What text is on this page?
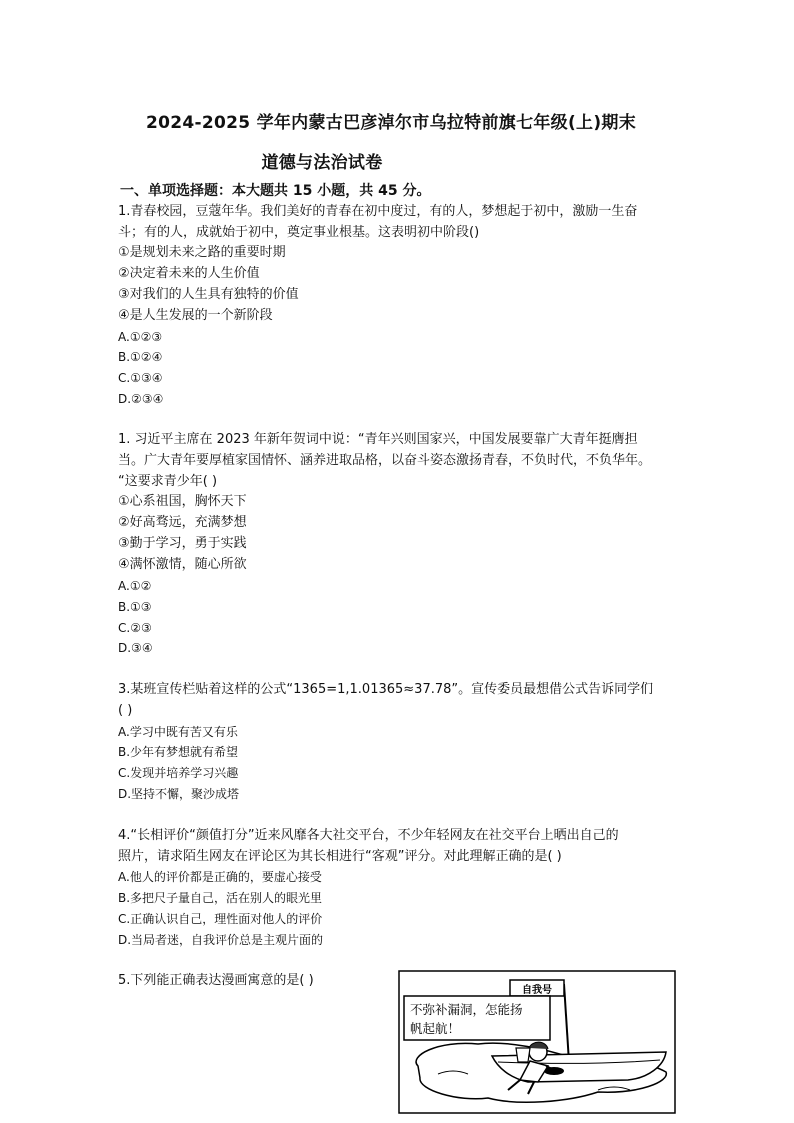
2024-2025 学年内蒙古巴彦淖尔市乌拉特前旗七年级(上)期末
道德与法治试卷
一、单项选择题：本大题共 15 小题，共 45 分。
1.青春校园，豆蔻年华。我们美好的青春在初中度过，有的人，梦想起于初中，激励一生奋
斗；有的人，成就始于初中，奠定事业根基。这表明初中阶段()
①是规划未来之路的重要时期
②决定着未来的人生价值
③对我们的人生具有独特的价值
④是人生发展的一个新阶段
A.①②③
B.①②④
C.①③④
D.②③④
1. 习近平主席在 2023 年新年贺词中说：“青年兴则国家兴，中国发展要靠广大青年挺膺担
当。广大青年要厚植家国情怀、涵养进取品格，以奋斗姿态激扬青春，不负时代，不负华年。
“这要求青少年( )
①心系祖国，胸怀天下
②好高骛远，充满梦想
③勤于学习，勇于实践
④满怀激情，随心所欲
A.①②
B.①③
C.②③
D.③④
3.某班宣传栏贴着这样的公式“1365=1,1.01365≈37.78”。宣传委员最想借公式告诉同学们
( )
A.学习中既有苦又有乐
B.少年有梦想就有希望
C.发现并培养学习兴趣
D.坚持不懈，聚沙成塔
4.“长相评价“颜值打分”近来风靡各大社交平台，不少年轻网友在社交平台上晒出自己的
照片，请求陌生网友在评论区为其长相进行“客观”评分。对此理解正确的是( )
A.他人的评价都是正确的，要虚心接受
B.多把尺子量自己，活在别人的眼光里
C.正确认识自己，理性面对他人的评价
D.当局者迷，自我评价总是主观片面的
5.下列能正确表达漫画寓意的是( )
自我号
不弥补漏洞，怎能扬
帆起航！
